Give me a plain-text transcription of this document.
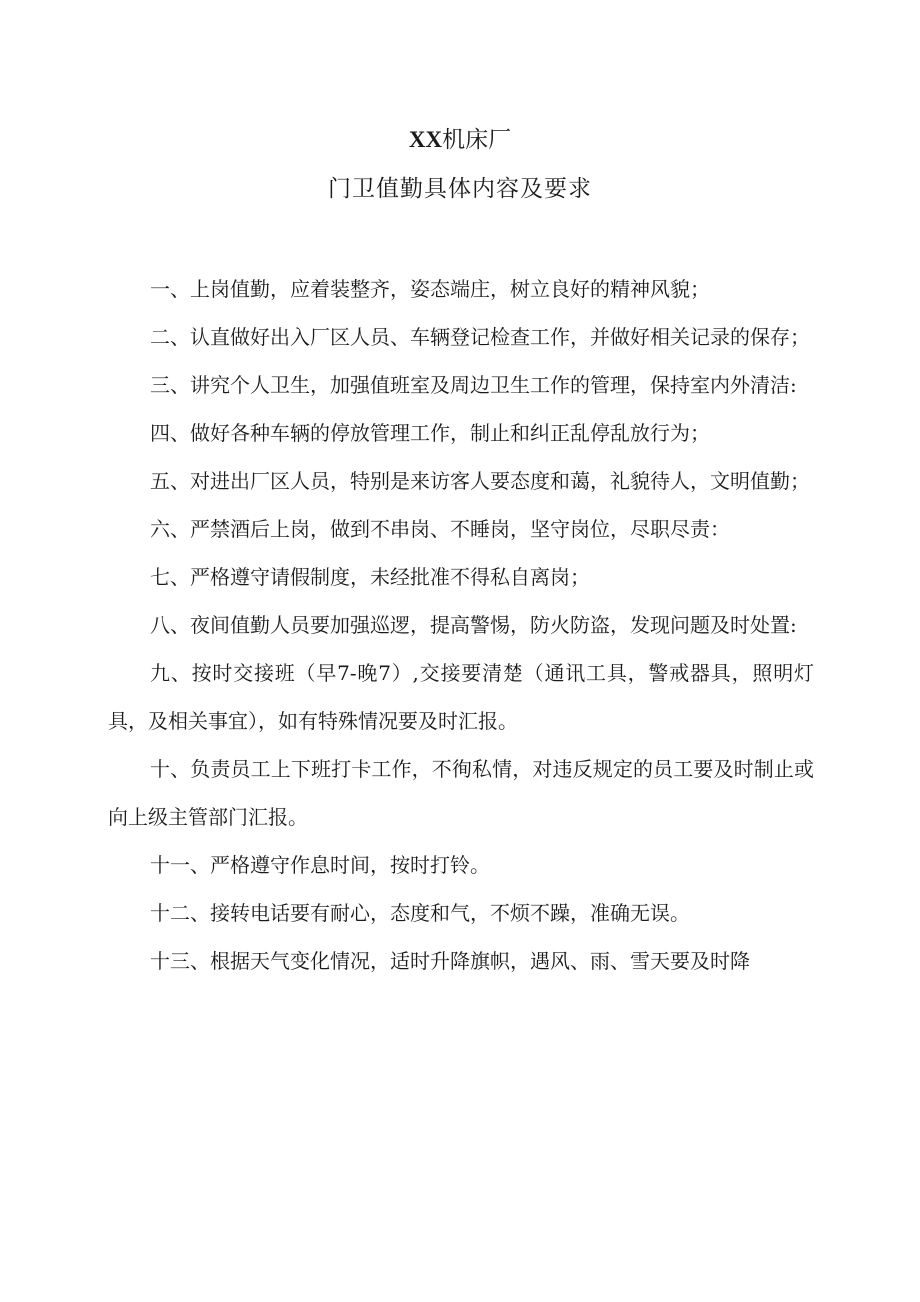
XX机床厂
门卫值勤具体内容及要求

一、上岗值勤，应着装整齐，姿态端庄，树立良好的精神风貌；

二、认直做好出入厂区人员、车辆登记检查工作，并做好相关记录的保存；

三、讲究个人卫生，加强值班室及周边卫生工作的管理，保持室内外清洁:

四、做好各种车辆的停放管理工作，制止和纠正乱停乱放行为；

五、对进出厂区人员，特别是来访客人要态度和蔼，礼貌待人，文明值勤；

六、严禁酒后上岗，做到不串岗、不睡岗，坚守岗位，尽职尽责：

七、严格遵守请假制度，未经批准不得私自离岗；

八、夜间值勤人员要加强巡逻，提高警惕，防火防盗，发现问题及时处置:

九、按时交接班（早7-晚7）,交接要清楚（通讯工具，警戒器具，照明灯具，及相关事宜），如有特殊情况要及时汇报。

十、负责员工上下班打卡工作，不徇私情，对违反规定的员工要及时制止或向上级主管部门汇报。

十一、严格遵守作息时间，按时打铃。

十二、接转电话要有耐心，态度和气，不烦不躁，准确无误。

十三、根据天气变化情况，适时升降旗帜，遇风、雨、雪天要及时降
